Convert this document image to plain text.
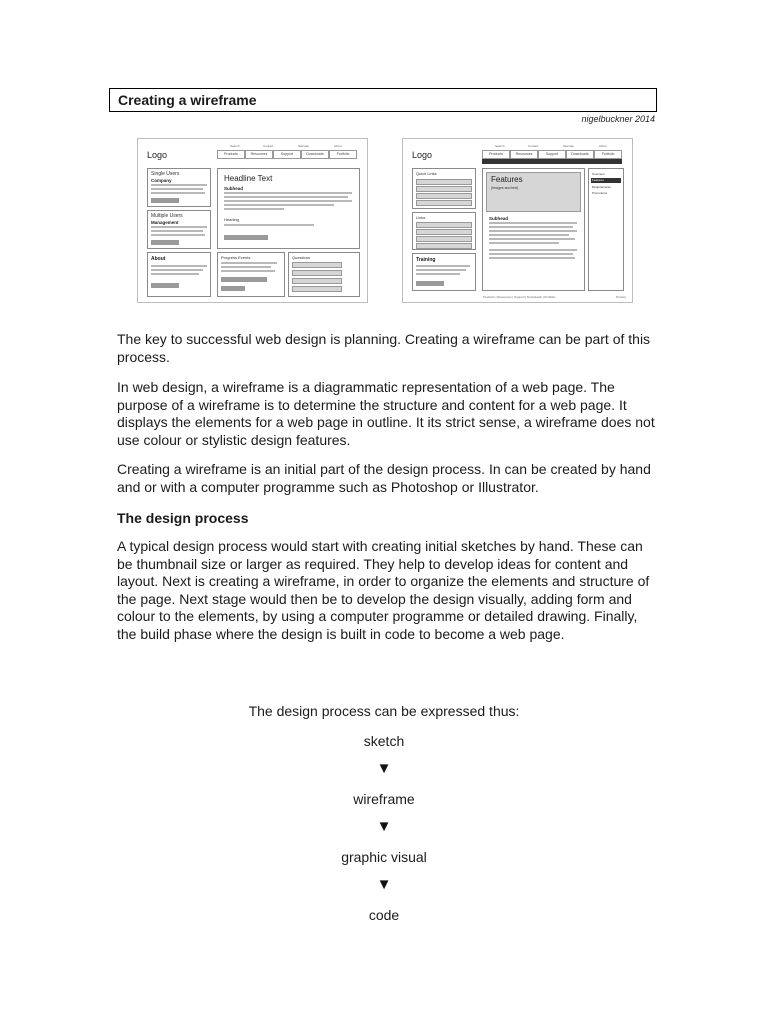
Creating a wireframe
nigelbuckner 2014
Logo
Search	Contact	Sitemap	About
Products	Resources	Support	Downloads	Portfolio
Single Users
Company
Multiple Users
Management
About
Headline Text
Subhead
Heading
Progress Events	Questions
Logo
Search	Contact	Sitemap	About
Products	Resources	Support	Downloads	Portfolio
Quick Links
Links
Training
Features
(Images and text)
Subhead
Overview
Features
Requirements
Promotions
Products | Resources | Support | Downloads | Portfolio	Privacy

The key to successful web design is planning. Creating a wireframe can be part of this process.

In web design, a wireframe is a diagrammatic representation of a web page. The purpose of a wireframe is to determine the structure and content for a web page. It displays the elements for a web page in outline. It its strict sense, a wireframe does not use colour or stylistic design features.

Creating a wireframe is an initial part of the design process. In can be created by hand and or with a computer programme such as Photoshop or Illustrator.

The design process

A typical design process would start with creating initial sketches by hand. These can be thumbnail size or larger as required. They help to develop ideas for content and layout. Next is creating a wireframe, in order to organize the elements and structure of the page. Next stage would then be to develop the design visually, adding form and colour to the elements, by using a computer programme or detailed drawing. Finally, the build phase where the design is built in code to become a web page.

The design process can be expressed thus:
sketch
▼
wireframe
▼
graphic visual
▼
code
